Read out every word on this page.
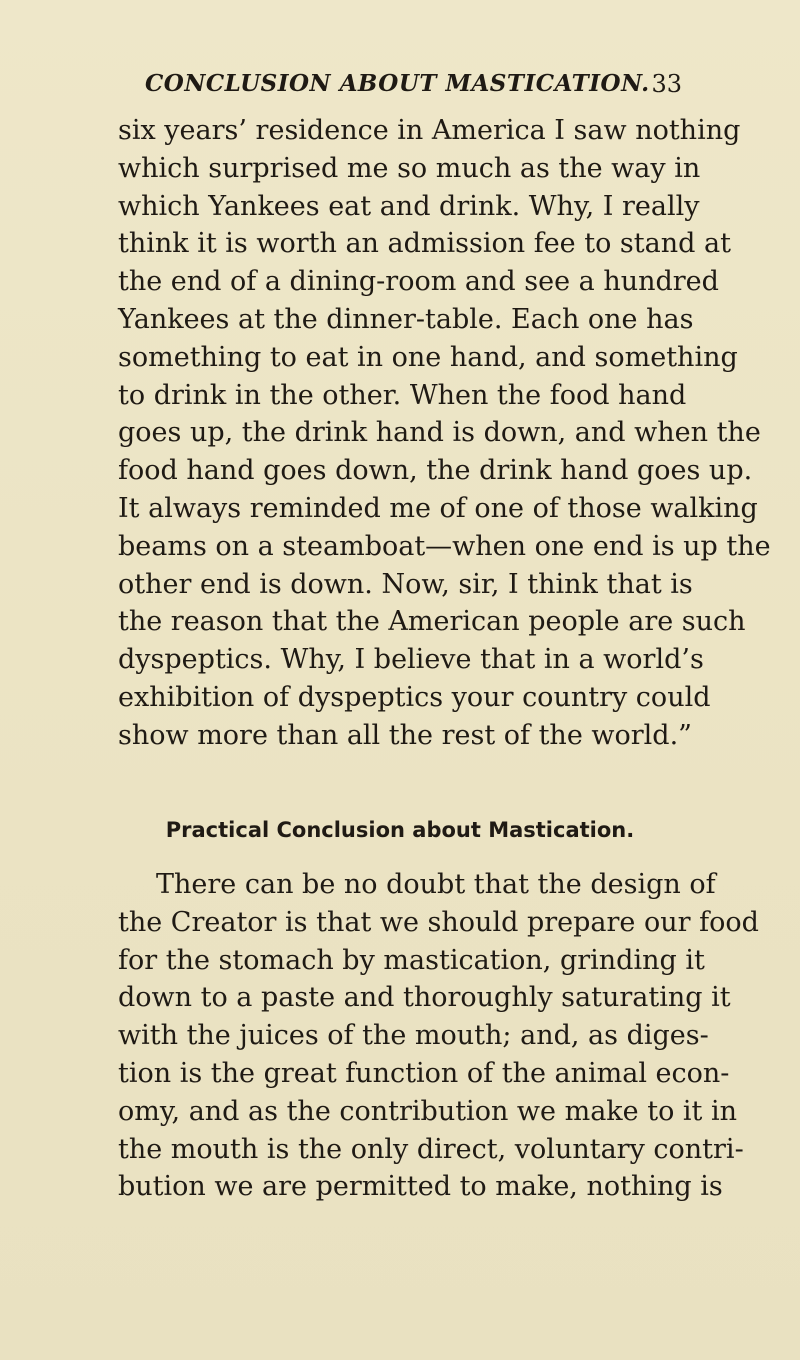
CONCLUSION ABOUT MASTICATION. 33
six years’ residence in America I saw nothing
which surprised me so much as the way in
which Yankees eat and drink. Why, I really
think it is worth an admission fee to stand at
the end of a dining-room and see a hundred
Yankees at the dinner-table. Each one has
something to eat in one hand, and something
to drink in the other. When the food hand
goes up, the drink hand is down, and when the
food hand goes down, the drink hand goes up.
It always reminded me of one of those walking
beams on a steamboat—when one end is up the
other end is down. Now, sir, I think that is
the reason that the American people are such
dyspeptics. Why, I believe that in a world’s
exhibition of dyspeptics your country could
show more than all the rest of the world.”
Practical Conclusion about Mastication.
There can be no doubt that the design of
the Creator is that we should prepare our food
for the stomach by mastication, grinding it
down to a paste and thoroughly saturating it
with the juices of the mouth; and, as diges-
tion is the great function of the animal econ-
omy, and as the contribution we make to it in
the mouth is the only direct, voluntary contri-
bution we are permitted to make, nothing is
